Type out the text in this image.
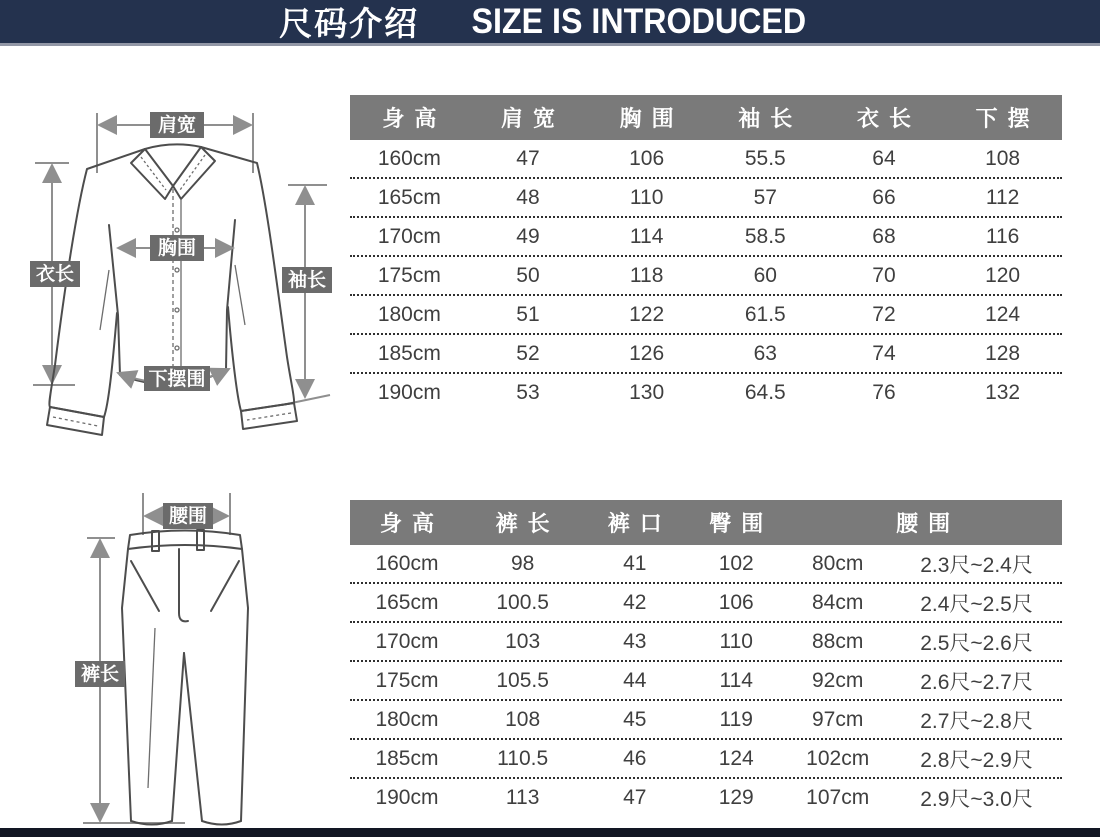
尺码介绍 SIZE IS INTRODUCED
肩宽
胸围
衣长	袖长
下摆围
腰围
裤长
身高	肩宽	胸围	袖长	衣长	下摆
160cm	47	106	55.5	64	108
165cm	48	110	57	66	112
170cm	49	114	58.5	68	116
175cm	50	118	60	70	120
180cm	51	122	61.5	72	124
185cm	52	126	63	74	128
190cm	53	130	64.5	76	132
身高	裤长	裤口	臀围	腰围
160cm	98	41	102	80cm	2.3尺~2.4尺
165cm	100.5	42	106	84cm	2.4尺~2.5尺
170cm	103	43	110	88cm	2.5尺~2.6尺
175cm	105.5	44	114	92cm	2.6尺~2.7尺
180cm	108	45	119	97cm	2.7尺~2.8尺
185cm	110.5	46	124	102cm	2.8尺~2.9尺
190cm	113	47	129	107cm	2.9尺~3.0尺
